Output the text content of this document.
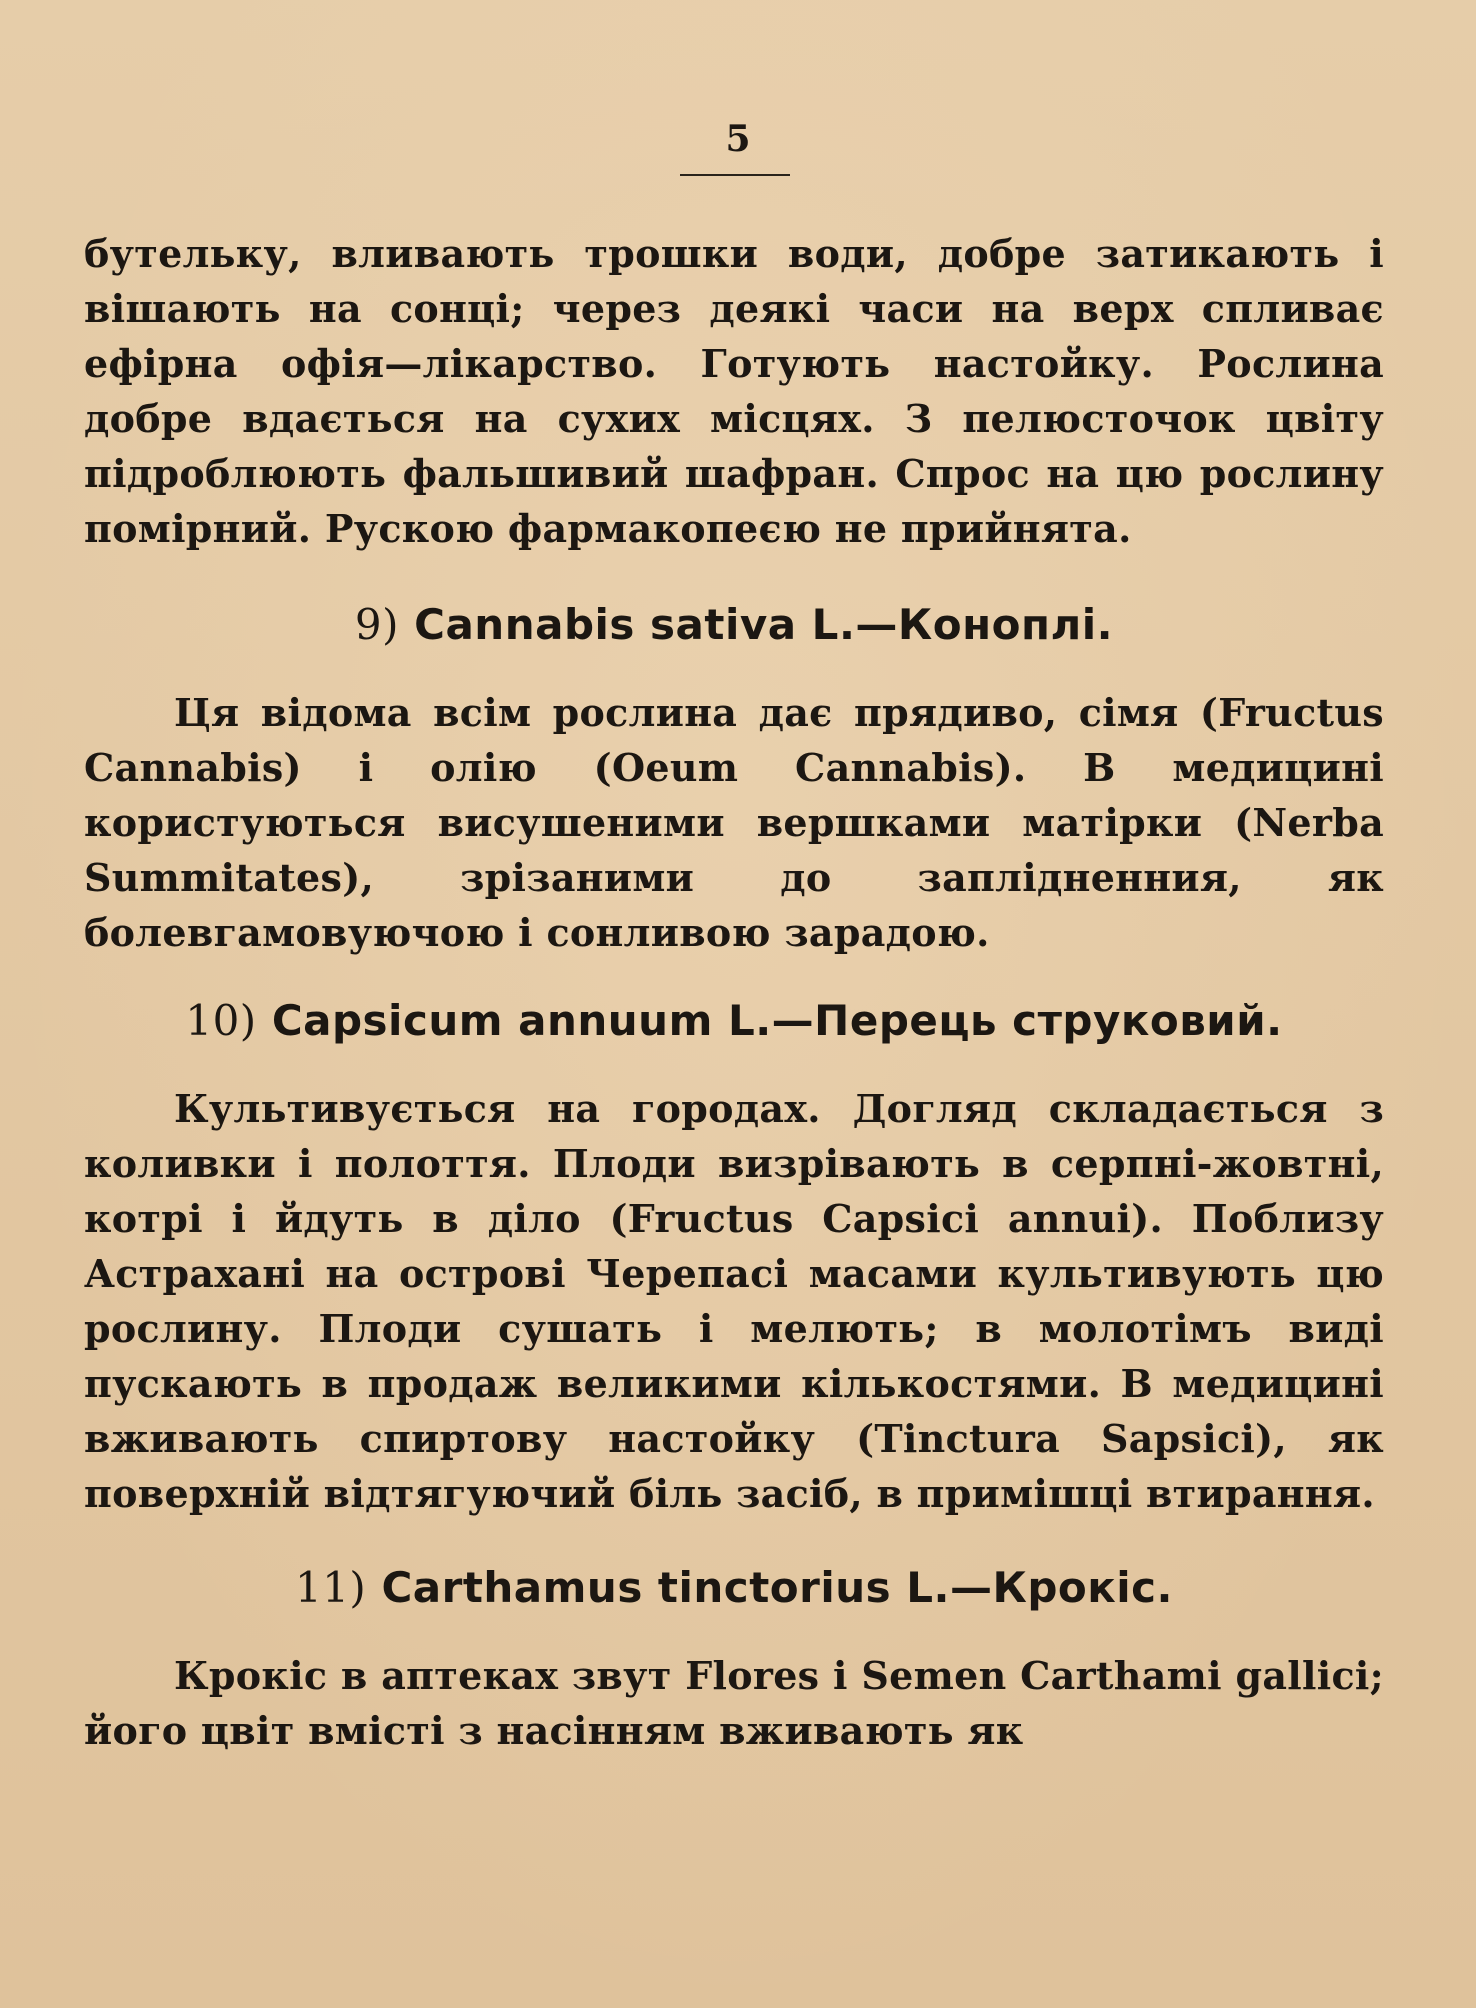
5

бутельку, вливають трошки води, добре затикають і вішають на сонці; через деякі часи на верх спливає ефірна офія—лікарство. Готують настойку. Рослина добре вдається на сухих місцях. З пелюсточок цвіту підроблюють фальшивий шафран. Спрос на цю рослину помірний. Рускою фармакопеєю не прийнята.

9) Cannabis sativa L.—Коноплі.

Ця відома всім рослина дає прядиво, сімя (Fructus Cannabis) і олію (Oeum Cannabis). В медицині користуються висушеними вершками матірки (Nerba Summitates), зрізаними до заплідненния, як болевгамовуючою і сонливою зарадою.

10) Capsicum annuum L.—Перець струковий.

Культивується на городах. Догляд складається з коливки і полоття. Плоди визрівають в серпні-жовтні, котрі і йдуть в діло (Fructus Capsici annui). Поблизу Астрахані на острові Черепасі масами культивують цю рослину. Плоди сушать і мелють; в молотімъ виді пускають в продаж великими кількостями. В медицині вживають спиртову настойку (Tinctura Sapsici), як поверхній відтягуючий біль засіб, в примішці втирання.

11) Carthamus tinctorius L.—Крокіс.

Крокіс в аптеках звут Flores і Semen Carthami gallici; його цвіт вмісті з насінням вживають як
